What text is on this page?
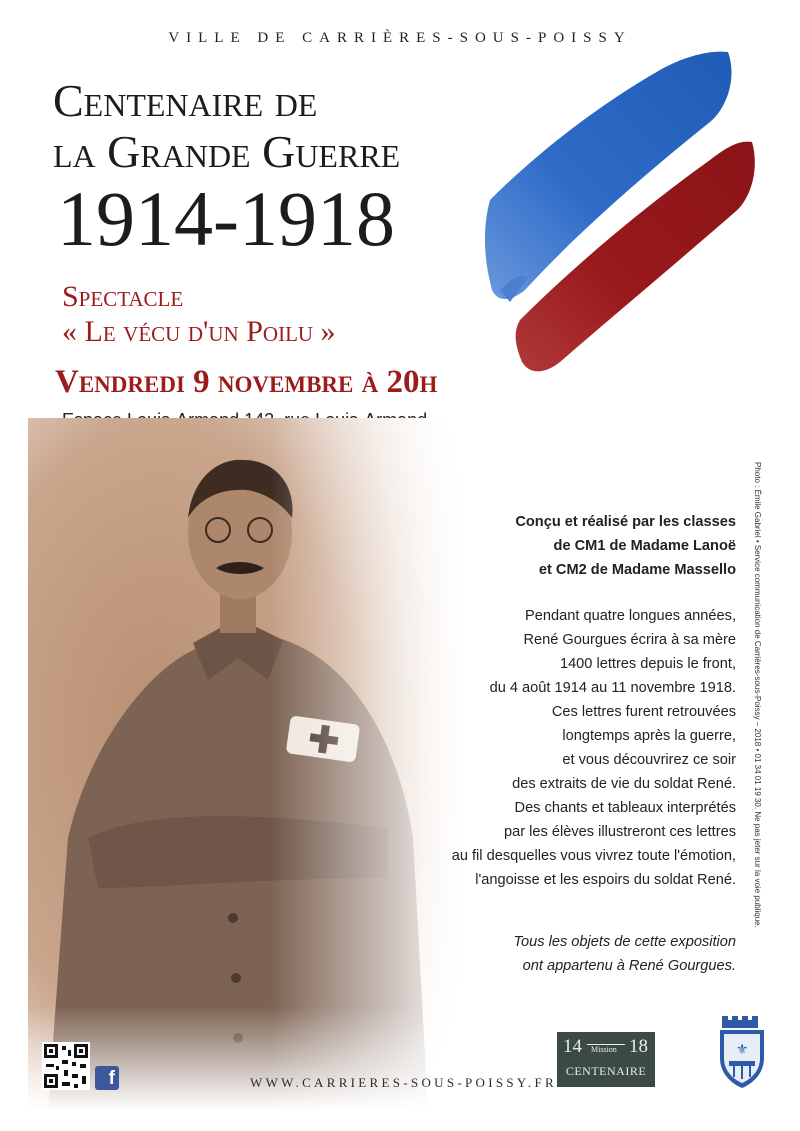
VILLE DE CARRIÈRES-SOUS-POISSY
Centenaire de
la Grande Guerre
1914-1918
Spectacle
« Le vécu d'un Poilu »
Vendredi 9 novembre à 20h
Conçu et réalisé par les classes
de CM1 de Madame Lanoë
et CM2 de Madame Massello
Pendant quatre longues années,
René Gourgues écrira à sa mère
1400 lettres depuis le front,
du 4 août 1914 au 11 novembre 1918.
Ces lettres furent retrouvées
longtemps après la guerre,
et vous découvrirez ce soir
des extraits de vie du soldat René.
Des chants et tableaux interprétés
par les élèves illustreront ces lettres
au fil desquelles vous vivrez toute l'émotion,
l'angoisse et les espoirs du soldat René.
Tous les objets de cette exposition
ont appartenu à René Gourgues.
Photo : Émile Gabriel • Service communication de Carrières-sous-Poissy – 2018 • 01 34 01 19 30. Ne pas jeter sur la voie publique.
f	WWW.CARRIERES-SOUS-POISSY.FR
14 Mission 18
CENTENAIRE
⚜
